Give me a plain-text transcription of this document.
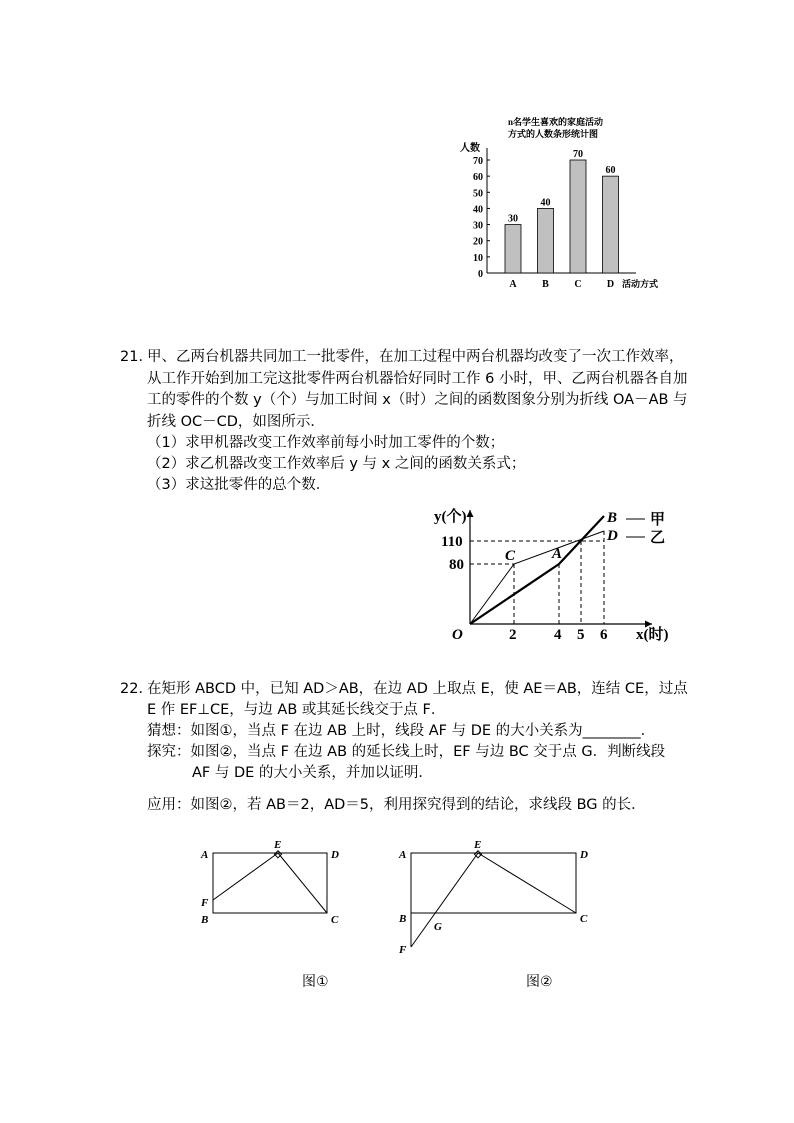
n名学生喜欢的家庭活动
方式的人数条形统计图
人数
0
10
20
30
40
50
60
70
30
A
40
B
70
C
60
D 活动方式
21．
甲、乙两台机器共同加工一批零件，在加工过程中两台机器均改变了一次工作效率，
从工作开始到加工完这批零件两台机器恰好同时工作 6 小时，甲、乙两台机器各自加
工的零件的个数 y（个）与加工时间 x（时）之间的函数图象分别为折线 OA－AB 与
折线 OC－CD，如图所示．
（1）求甲机器改变工作效率前每小时加工零件的个数；
（2）求乙机器改变工作效率后 y 与 x 之间的函数关系式；
（3）求这批零件的总个数．
y(个)
x(时)
O	2	4 5 6
80
110
C A
B
D
甲
乙
A	D
B	C
E
F
A	D
B	C
E
F
G
22．
在矩形 ABCD 中，已知 AD＞AB，在边 AD 上取点 E，使 AE＝AB，连结 CE，过点
E 作 EF⊥CE，与边 AB 或其延长线交于点 F．
猜想：如图①，当点 F 在边 AB 上时，线段 AF 与 DE 的大小关系为________．
探究：如图②，当点 F 在边 AB 的延长线上时，EF 与边 BC 交于点 G．判断线段
AF 与 DE 的大小关系，并加以证明．
应用：如图②，若 AB＝2，AD＝5，利用探究得到的结论，求线段 BG 的长．
图①	图②
